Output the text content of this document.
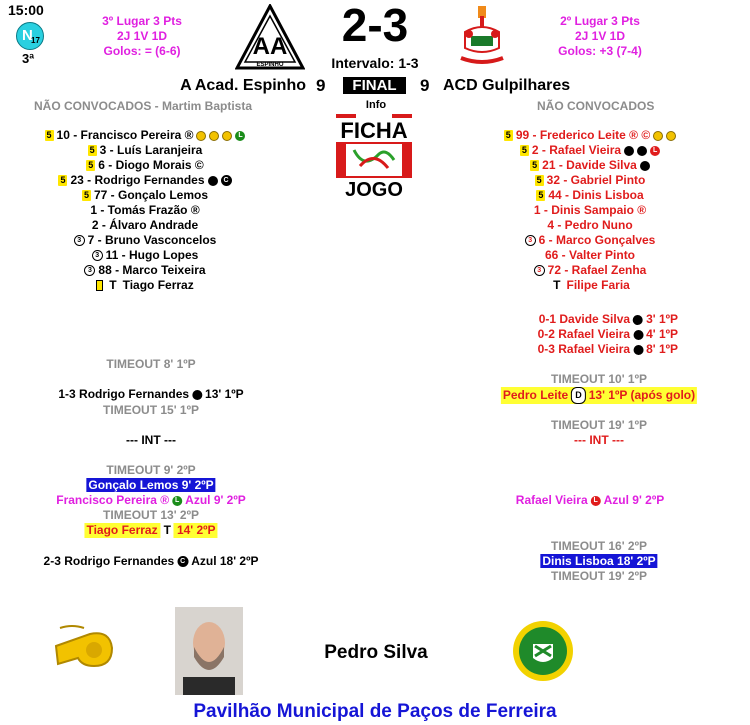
15:00
N
17
3ª
3º Lugar 3 Pts
2J 1V 1D
Golos: = (6-6)	AA
ESPINHO
2-3
Intervalo: 1-3
2º Lugar 3 Pts
2J 1V 1D
Golos: +3 (7-4)
A Acad. Espinho 9	FINAL	9 ACD Gulpilhares
Info
FICHA
JOGO
NÃO CONVOCADOS - Martim Baptista	NÃO CONVOCADOS
5 10 - Francisco Pereira ®	L
5 3 - Luís Laranjeira
5 6 - Diogo Morais ©
5 23 - Rodrigo Fernandes	C
5 77 - Gonçalo Lemos
1 - Tomás Frazão ®
2 - Álvaro Andrade
3 7 - Bruno Vasconcelos
3 11 - Hugo Lopes
3 88 - Marco Teixeira
T Tiago Ferraz
5 99 - Frederico Leite ® ©
5 2 - Rafael Vieira	L
5 21 - Davide Silva
5 32 - Gabriel Pinto
5 44 - Dinis Lisboa
1 - Dinis Sampaio ®
4 - Pedro Nuno
3 6 - Marco Gonçalves
66 - Valter Pinto
3 72 - Rafael Zenha
T Filipe Faria
0-1 Davide Silva 3' 1ºP
0-2 Rafael Vieira 4' 1ºP
0-3 Rafael Vieira 8' 1ºP
TIMEOUT 8' 1ºP
1-3 Rodrigo Fernandes 13' 1ºP
TIMEOUT 15' 1ºP
--- INT ---
TIMEOUT 9' 2ºP
Gonçalo Lemos 9' 2ºP
Francisco Pereira ® L Azul 9' 2ºP
TIMEOUT 13' 2ºP
Tiago Ferraz T 14' 2ºP
2-3 Rodrigo Fernandes C Azul 18' 2ºP
TIMEOUT 10' 1ºP
Pedro Leite D 13' 1ºP (após golo)
TIMEOUT 19' 1ºP
--- INT ---
Rafael Vieira L Azul 9' 2ºP
TIMEOUT 16' 2ºP
Dinis Lisboa 18' 2ºP
TIMEOUT 19' 2ºP
Pedro Silva
Pavilhão Municipal de Paços de Ferreira
